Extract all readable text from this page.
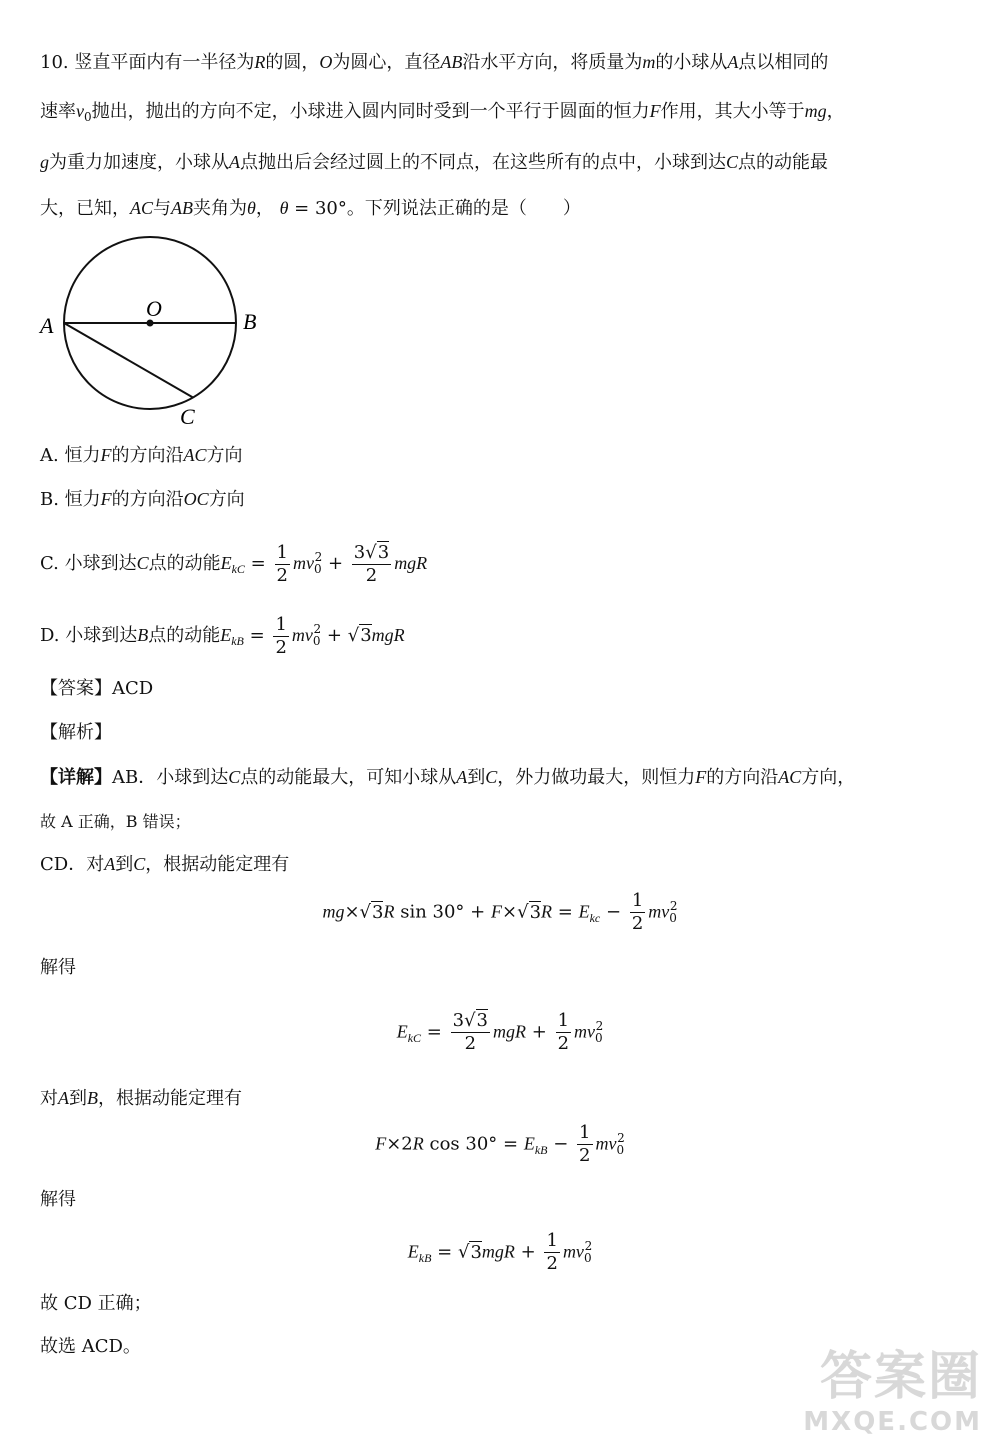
10. 竖直平面内有一半径为R的圆，O为圆心，直径AB沿水平方向，将质量为m的小球从A点以相同的
速率$v_0$抛出，抛出的方向不定，小球进入圆内同时受到一个平行于圆面的恒力F作用，其大小等于mg，
g为重力加速度，小球从A点抛出后会经过圆上的不同点，在这些所有的点中，小球到达C点的动能最
大，已知，AC与AB夹角为θ， θ = 30°。下列说法正确的是（　　）
A	B
O
C
A. 恒力F的方向沿AC方向
B. 恒力F的方向沿OC方向
C. 小球到达C点的动能$E_{kC} = \frac{1}{2} mv_0^2 + \frac{3√3}{2}$ mgR
D. 小球到达B点的动能$E_{kB} = \frac{1}{2} mv_0^2 + √3mgR$
【答案】ACD
【解析】
【详解】AB．小球到达C点的动能最大，可知小球从A到C，外力做功最大，则恒力F的方向沿AC方向，
故 A 正确，B 错误；
CD．对A到C，根据动能定理有
mg×√3R $\sin 30^\circ + F\times√3R = E_{kc} - \frac{1}{2} mv_0^2$
解得
$E_{kC} = \frac{3√3}{2}$ mgR + $\frac{1}{2} mv_0^2$
对A到B，根据动能定理有
F×2R $\cos 30^\circ = E_{kB} - \frac{1}{2} mv_0^2$
解得
$E_{kB} = √3mgR + \frac{1}{2} mv_0^2$
故 CD 正确；
故选 ACD。
答案圈
MXQE.COM
